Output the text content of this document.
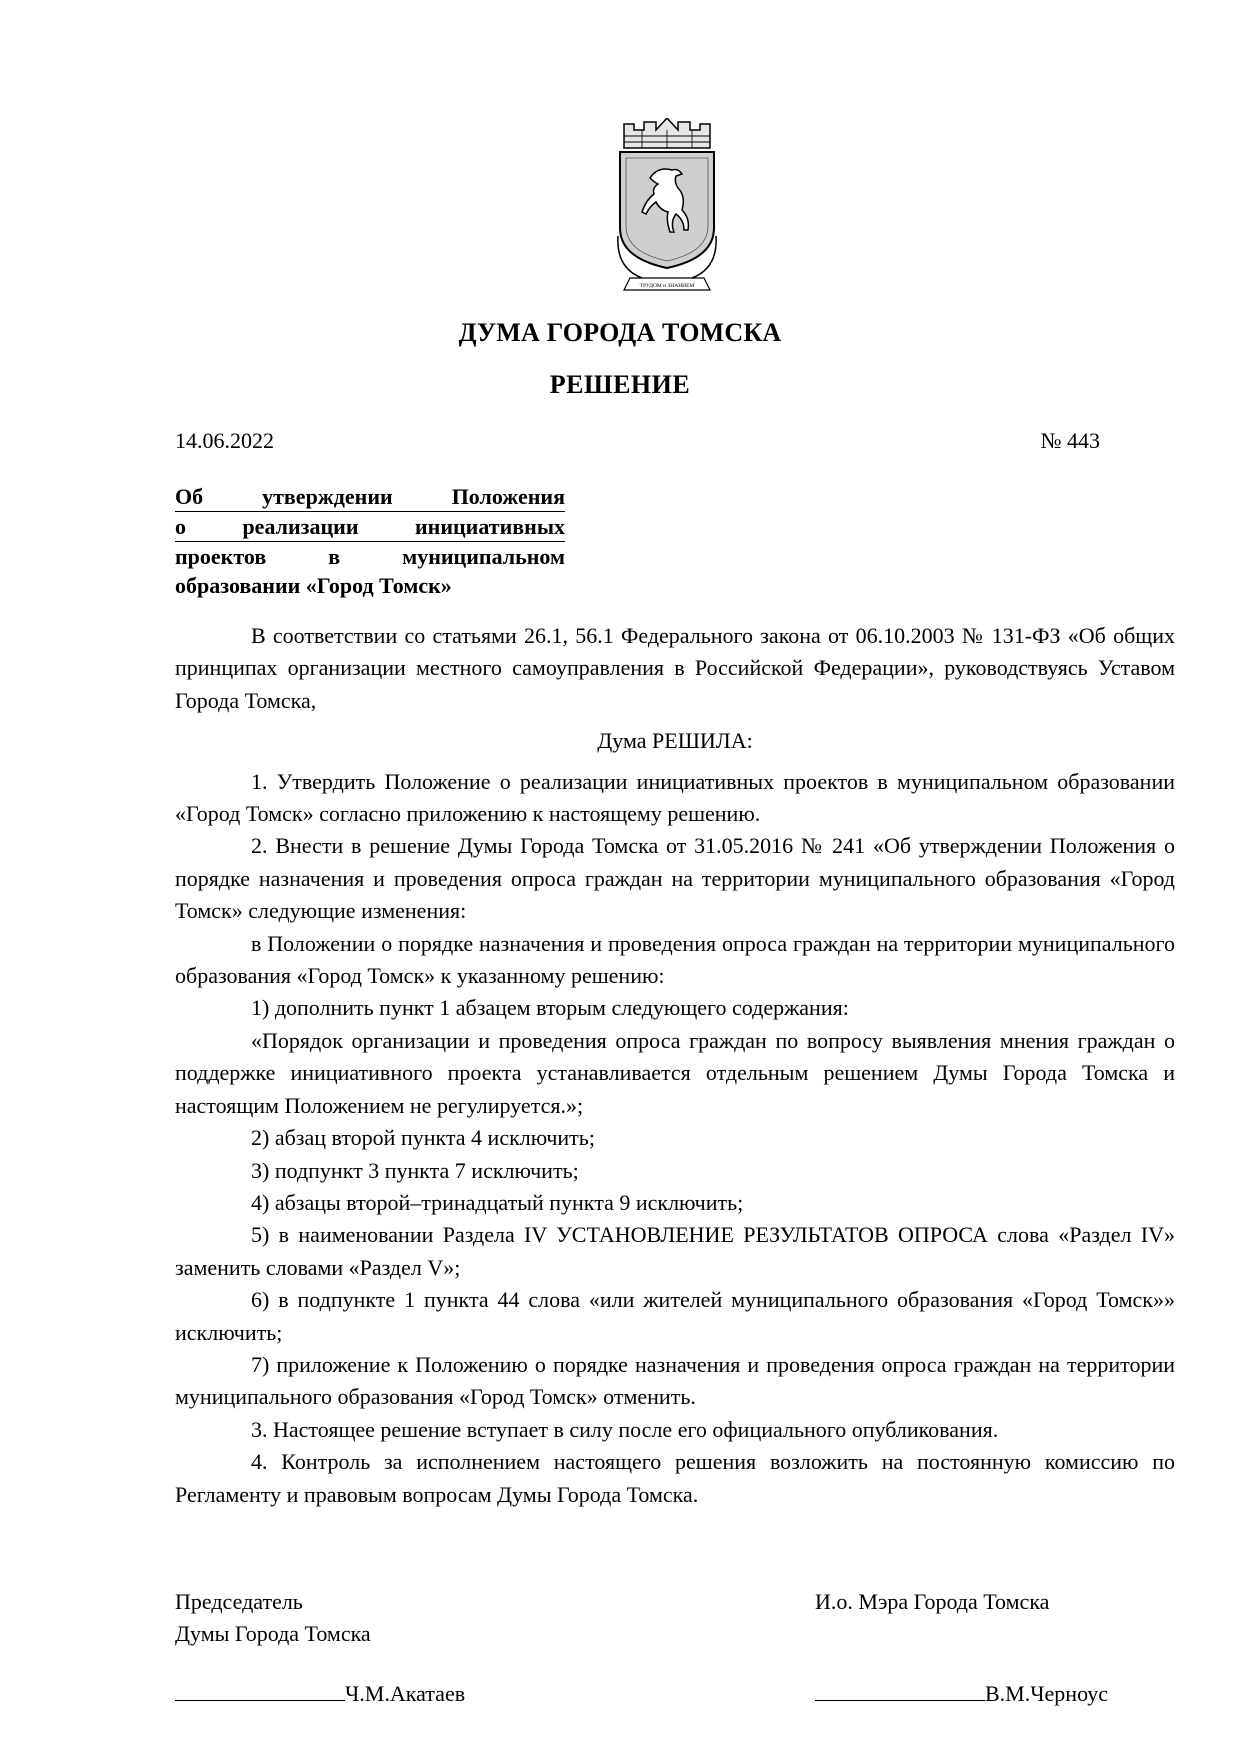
ТРУДОМ и ЗНАНИЕМ
ДУМА ГОРОДА ТОМСКА
РЕШЕНИЕ
14.06.2022	№ 443
Об утверждении Положения
о реализации инициативных
проектов в муниципальном
образовании «Город Томск»

В соответствии со статьями 26.1, 56.1 Федерального закона от 06.10.2003 № 131-ФЗ «Об общих принципах организации местного самоуправления в Российской Федерации», руководствуясь Уставом Города Томска,

Дума РЕШИЛА:

1. Утвердить Положение о реализации инициативных проектов в муниципальном образовании «Город Томск» согласно приложению к настоящему решению.

2. Внести в решение Думы Города Томска от 31.05.2016 № 241 «Об утверждении Положения о порядке назначения и проведения опроса граждан на территории муниципального образования «Город Томск» следующие изменения:

в Положении о порядке назначения и проведения опроса граждан на территории муниципального образования «Город Томск» к указанному решению:

1) дополнить пункт 1 абзацем вторым следующего содержания:

«Порядок организации и проведения опроса граждан по вопросу выявления мнения граждан о поддержке инициативного проекта устанавливается отдельным решением Думы Города Томска и настоящим Положением не регулируется.»;

2) абзац второй пункта 4 исключить;

3) подпункт 3 пункта 7 исключить;

4) абзацы второй–тринадцатый пункта 9 исключить;

5) в наименовании Раздела IV УСТАНОВЛЕНИЕ РЕЗУЛЬТАТОВ ОПРОСА слова «Раздел IV» заменить словами «Раздел V»;

6) в подпункте 1 пункта 44 слова «или жителей муниципального образования «Город Томск»» исключить;

7) приложение к Положению о порядке назначения и проведения опроса граждан на территории муниципального образования «Город Томск» отменить.

3. Настоящее решение вступает в силу после его официального опубликования.

4. Контроль за исполнением настоящего решения возложить на постоянную комиссию по Регламенту и правовым вопросам Думы Города Томска.

Председатель
Думы Города Томска
И.о. Мэра Города Томска
Ч.М.Акатаев	В.М.Черноус
